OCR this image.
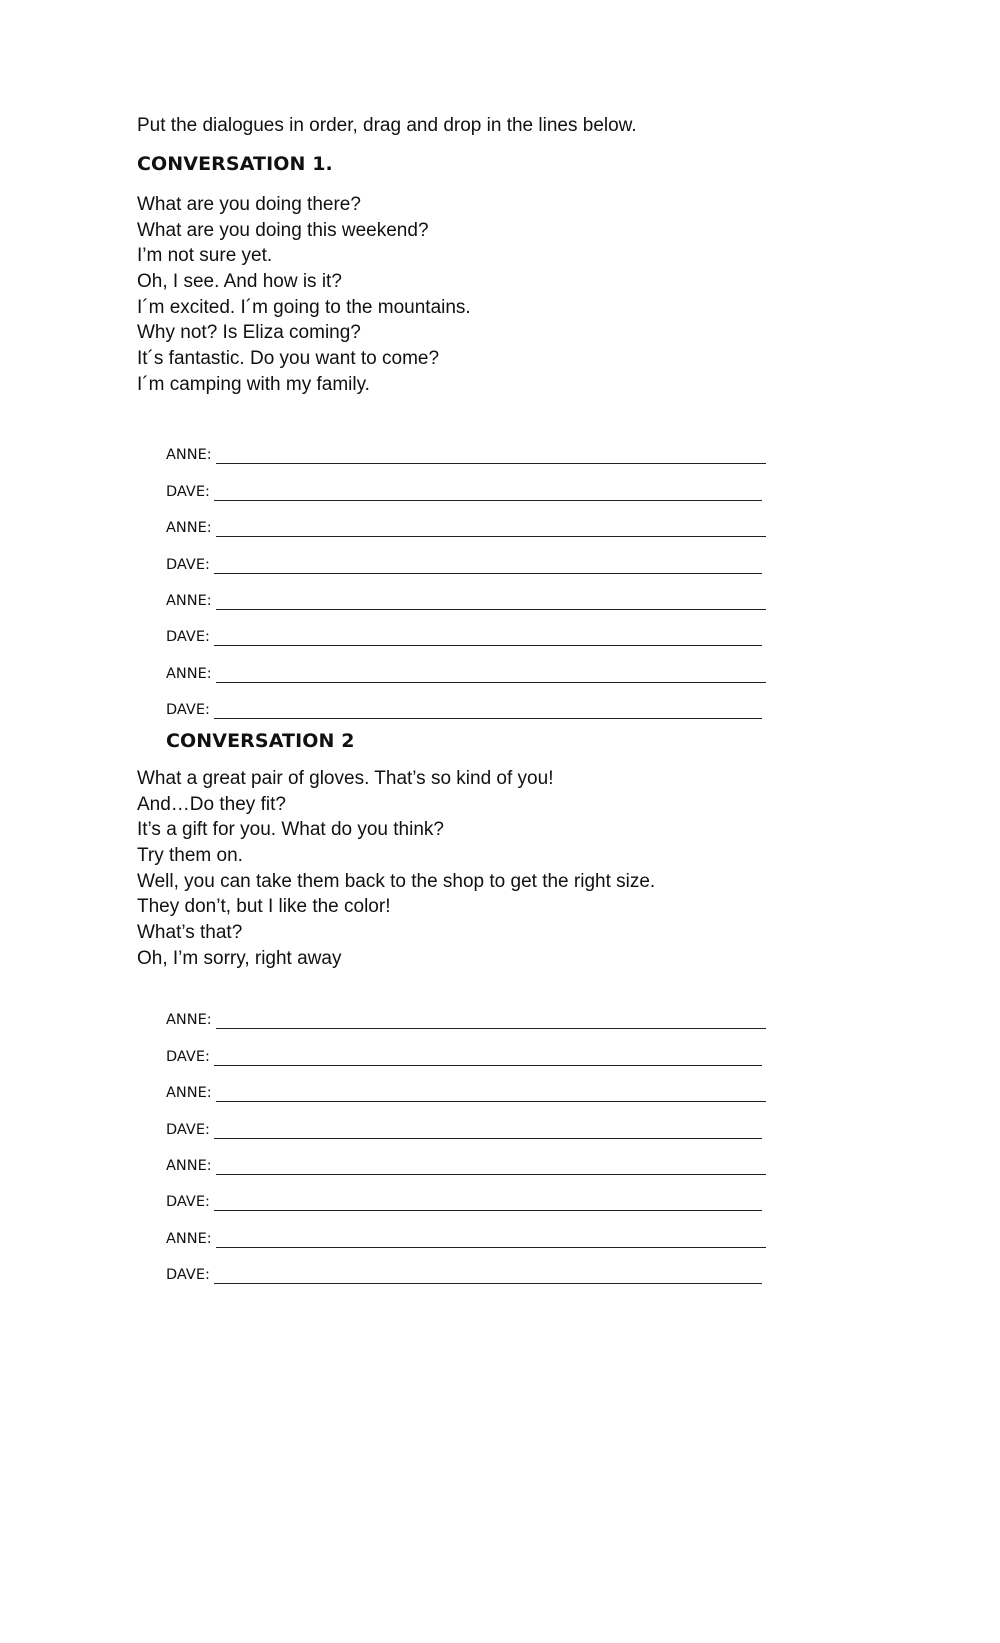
Put the dialogues in order, drag and drop in the lines below.
CONVERSATION 1.
What are you doing there?
What are you doing this weekend?
I’m not sure yet.
Oh, I see. And how is it?
I´m excited. I´m going to the mountains.
Why not? Is Eliza coming?
It´s fantastic. Do you want to come?
I´m camping with my family.
ANNE:
DAVE:
ANNE:
DAVE:
ANNE:
DAVE:
ANNE:
DAVE:
CONVERSATION 2
What a great pair of gloves. That’s so kind of you!
And…Do they fit?
It’s a gift for you. What do you think?
Try them on.
Well, you can take them back to the shop to get the right size.
They don’t, but I like the color!
What’s that?
Oh, I’m sorry, right away
ANNE:
DAVE:
ANNE:
DAVE:
ANNE:
DAVE:
ANNE:
DAVE:
